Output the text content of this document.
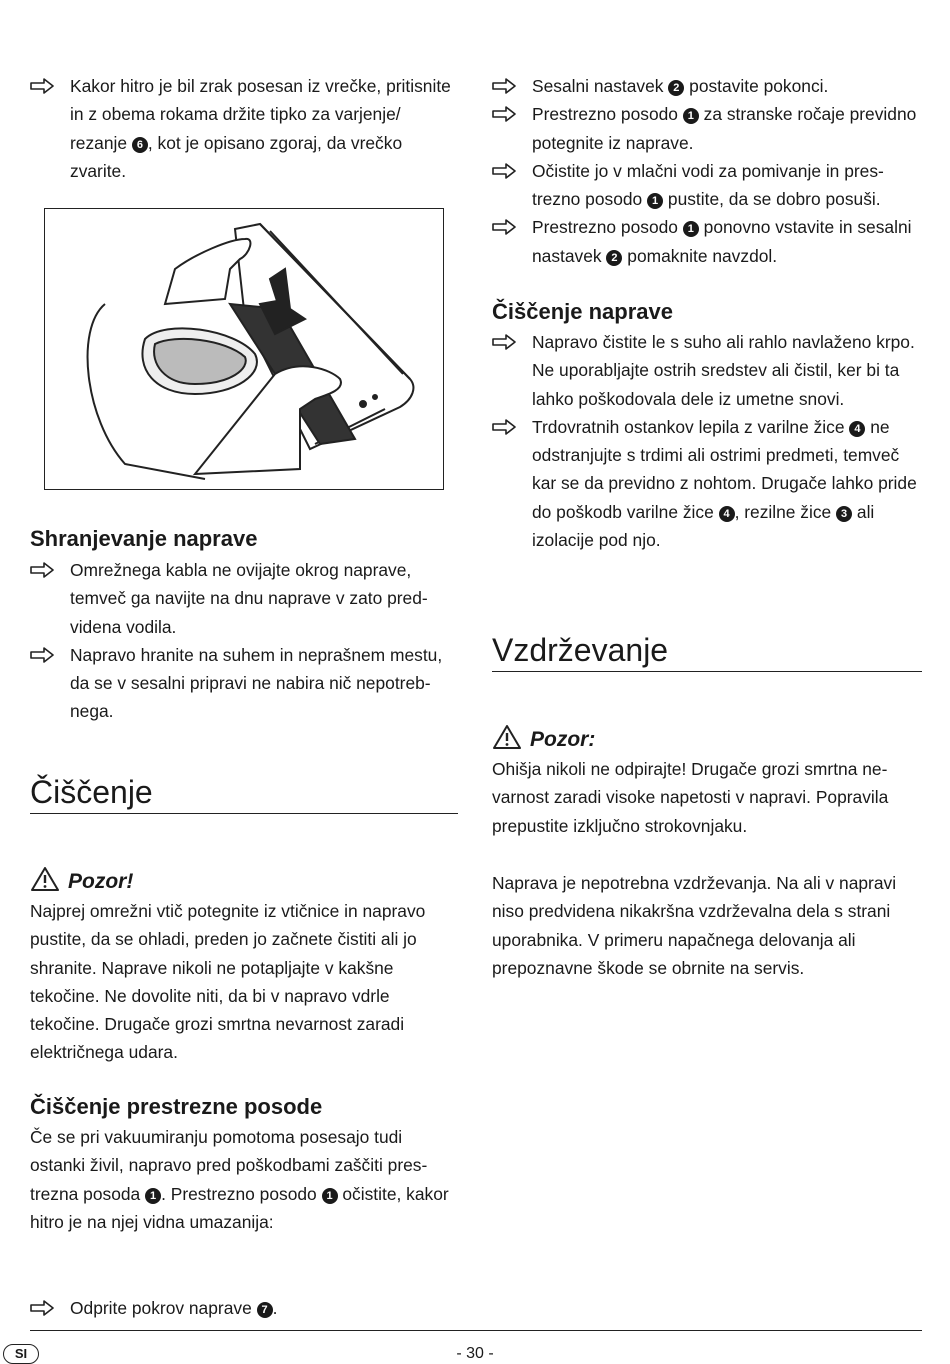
Kakor hitro je bil zrak posesan iz vrečke, pritisnite in z obema rokama držite tipko za varjenje/ rezanje 6 , kot je opisano zgoraj, da vrečko zvarite.

Shranjevanje naprave

Omrežnega kabla ne ovijajte okrog naprave, temveč ga navijte na dnu naprave v zato predvidena vodila.

Napravo hranite na suhem in neprašnem mestu, da se v sesalni pripravi ne nabira nič nepotrebnega.

Čiščenje
Pozor!

Najprej omrežni vtič potegnite iz vtičnice in napravo pustite, da se ohladi, preden jo začnete čistiti ali jo shranite. Naprave nikoli ne potapljajte v kakšne tekočine. Ne dovolite niti, da bi v napravo vdrle tekočine. Drugače grozi smrtna nevarnost zaradi električnega udara.

Čiščenje prestrezne posode

Če se pri vakuumiranju pomotoma posesajo tudi ostanki živil, napravo pred poškodbami zaščiti prestrezna posoda 1 . Prestrezno posodo 1 očistite, kakor hitro je na njej vidna umazanija:

Odprite pokrov naprave 7 .

Sesalni nastavek 2 postavite pokonci.

Prestrezno posodo 1 za stranske ročaje previdno potegnite iz naprave.

Očistite jo v mlačni vodi za pomivanje in prestrezno posodo 1 pustite, da se dobro posuši.

Prestrezno posodo 1 ponovno vstavite in sesalni nastavek 2 pomaknite navzdol.

Čiščenje naprave

Napravo čistite le s suho ali rahlo navlaženo krpo. Ne uporabljajte ostrih sredstev ali čistil, ker bi ta lahko poškodovala dele iz umetne snovi.

Trdovratnih ostankov lepila z varilne žice 4 ne odstranjujte s trdimi ali ostrimi predmeti, temveč kar se da previdno z nohtom. Drugače lahko pride do poškodb varilne žice 4 , rezilne žice 3 ali izolacije pod njo.

Vzdrževanje
Pozor:

Ohišja nikoli ne odpirajte! Drugače grozi smrtna nevarnost zaradi visoke napetosti v napravi. Popravila prepustite izključno strokovnjaku.

Naprava je nepotrebna vzdrževanja. Na ali v napravi niso predvidena nikakršna vzdrževalna dela s strani uporabnika. V primeru napačnega delovanja ali prepoznavne škode se obrnite na servis.

SI	- 30 -
